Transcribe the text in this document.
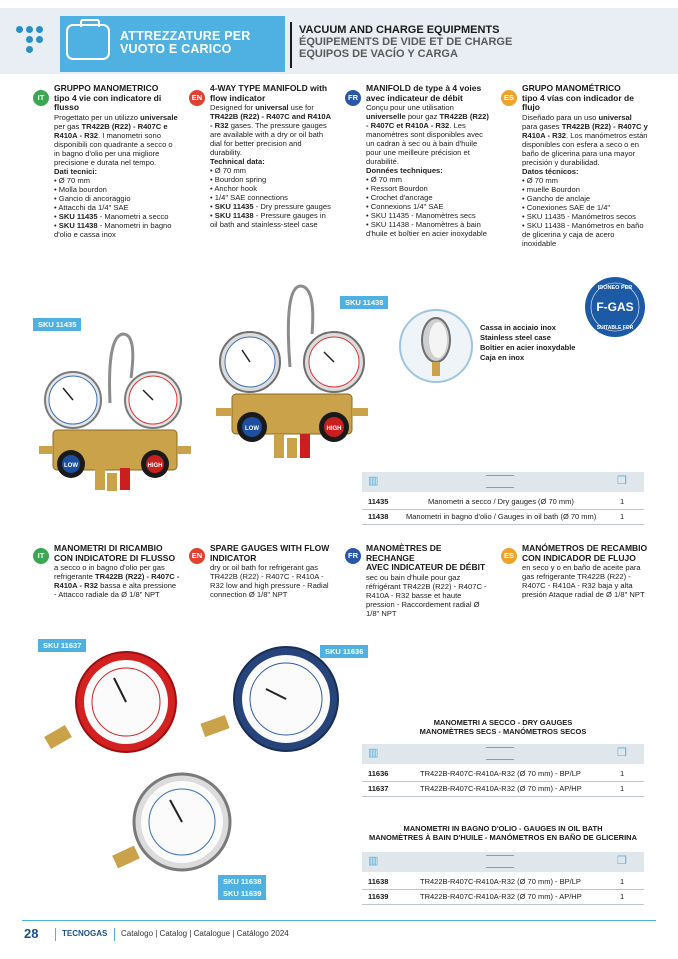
ATTREZZATURE PER
VUOTO E CARICO
VACUUM AND CHARGE EQUIPMENTS
ÉQUIPEMENTS DE VIDE ET DE CHARGE
EQUIPOS DE VACÍO Y CARGA
IT
GRUPPO MANOMETRICO
tipo 4 vie con indicatore di flusso
Progettato per un utilizzo universale per gas TR422B (R22) - R407C e R410A - R32. I manometri sono disponibili con quadrante a secco o in bagno d'olio per una migliore precisione e durata nel tempo.
Dati tecnici:
• Ø 70 mm
• Molla bourdon
• Gancio di ancoraggio
• Attacchi da 1/4" SAE
• SKU 11435 - Manometri a secco
• SKU 11438 - Manometri in bagno d'olio e cassa inox
EN
4-WAY TYPE MANIFOLD with
flow indicator
Designed for universal use for TR422B (R22) - R407C and R410A - R32 gases. The pressure gauges are available with a dry or oil bath dial for better precision and durability.
Technical data:
• Ø 70 mm
• Bourdon spring
• Anchor hook
• 1/4" SAE connections
• SKU 11435 - Dry pressure gauges
• SKU 11438 - Pressure gauges in oil bath and stainless-steel case
FR
MANIFOLD de type à 4 voies
avec indicateur de débit
Conçu pour une utilisation universelle pour gaz TR422B (R22) - R407C et R410A - R32. Les manomètres sont disponibles avec un cadran à sec ou à bain d'huile pour une meilleure précision et durabilité.
Données techniques:
• Ø 70 mm
• Ressort Bourdon
• Crochet d'ancrage
• Connexions 1/4" SAE
• SKU 11435 - Manomètres secs
• SKU 11438 - Manomètres à bain d'huile et boîtier en acier inoxydable
ES
GRUPO MANOMÉTRICO
tipo 4 vías con indicador de flujo
Diseñado para un uso universal para gases TR422B (R22) - R407C y R410A - R32. Los manómetros están disponibles con esfera a seco o en baño de glicerina para una mayor precisión y durabilidad.
Datos técnicos:
• Ø 70 mm
• muelle Bourdon
• Gancho de anclaje
• Conexiones SAE de 1/4"
• SKU 11435 - Manómetros secos
• SKU 11438 - Manómetros en baño de glicerina y caja de acero inoxidable
IDONEO PER
F-GAS
SUITABLE FOR
SKU 11435
SKU 11438
LOW	HIGH
LOW	HIGH
Cassa in acciaio inox
Stainless steel case
Boîtier en acier inoxydable
Caja en inox
▥	❒
11435	Manometri a secco / Dry gauges (Ø 70 mm)	1
11438 Manometri in bagno d'olio / Gauges in oil bath (Ø 70 mm)	1
IT
MANOMETRI DI RICAMBIO
CON INDICATORE DI FLUSSO
a secco o in bagno d'olio per gas refrigerante TR422B (R22) - R407C - R410A - R32 bassa e alta pressione - Attacco radiale da Ø 1/8" NPT
EN
SPARE GAUGES WITH FLOW
INDICATOR
dry or oil bath for refrigerant gas TR422B (R22) - R407C - R410A - R32 low and high pressure - Radial connection Ø 1/8" NPT
FR
MANOMÈTRES DE RECHANGE
AVEC INDICATEUR DE DÉBIT
sec ou bain d'huile pour gaz réfrigérant TR422B (R22) - R407C - R410A - R32 basse et haute pression - Raccordement radial Ø 1/8" NPT
ES
MANÓMETROS DE RECAMBIO
CON INDICADOR DE FLUJO
en seco y o en baño de aceite para gas refrigerante TR422B (R22) - R407C - R410A - R32 baja y alta presión Ataque radial de Ø 1/8" NPT
SKU 11637
SKU 11636
SKU 11638
SKU 11639
MANOMETRI A SECCO - DRY GAUGES
MANOMÈTRES SECS - MANÓMETROS SECOS
▥	❒
11636	TR422B-R407C-R410A-R32 (Ø 70 mm) - BP/LP	1
11637	TR422B-R407C-R410A-R32 (Ø 70 mm) - AP/HP	1
MANOMETRI IN BAGNO D'OLIO - GAUGES IN OIL BATH
MANOMÈTRES À BAIN D'HUILE - MANÓMETROS EN BAÑO DE GLICERINA
▥	❒
11638	TR422B-R407C-R410A-R32 (Ø 70 mm) - BP/LP	1
11639	TR422B-R407C-R410A-R32 (Ø 70 mm) - AP/HP	1
28	TECNOGAS Catalogo | Catalog | Catalogue | Catálogo 2024
